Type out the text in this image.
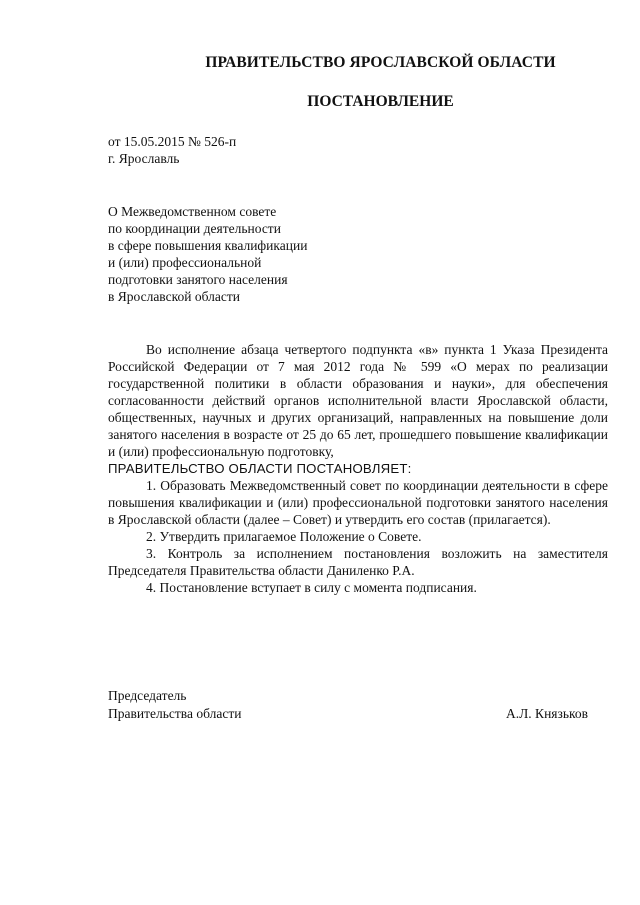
ПРАВИТЕЛЬСТВО ЯРОСЛАВСКОЙ ОБЛАСТИ
ПОСТАНОВЛЕНИЕ
от 15.05.2015 № 526-п
г. Ярославль
О Межведомственном совете
по координации деятельности
в сфере повышения квалификации
и (или) профессиональной
подготовки занятого населения
в Ярославской области

Во исполнение абзаца четвертого подпункта «в» пункта 1 Указа Президента Российской Федерации от 7 мая 2012 года № 599 «О мерах по реализации государственной политики в области образования и науки», для обеспечения согласованности действий органов исполнительной власти Ярославской области, общественных, научных и других организаций, направленных на повышение доли занятого населения в возрасте от 25 до 65 лет, прошедшего повышение квалификации и (или) профессиональную подготовку,

ПРАВИТЕЛЬСТВО ОБЛАСТИ ПОСТАНОВЛЯЕТ:

1. Образовать Межведомственный совет по координации деятельности в сфере повышения квалификации и (или) профессиональной подготовки занятого населения в Ярославской области (далее – Совет) и утвердить его состав (прилагается).

2. Утвердить прилагаемое Положение о Совете.

3. Контроль за исполнением постановления возложить на заместителя Председателя Правительства области Даниленко Р.А.

4. Постановление вступает в силу с момента подписания.

Председатель
Правительства области	А.Л. Князьков
